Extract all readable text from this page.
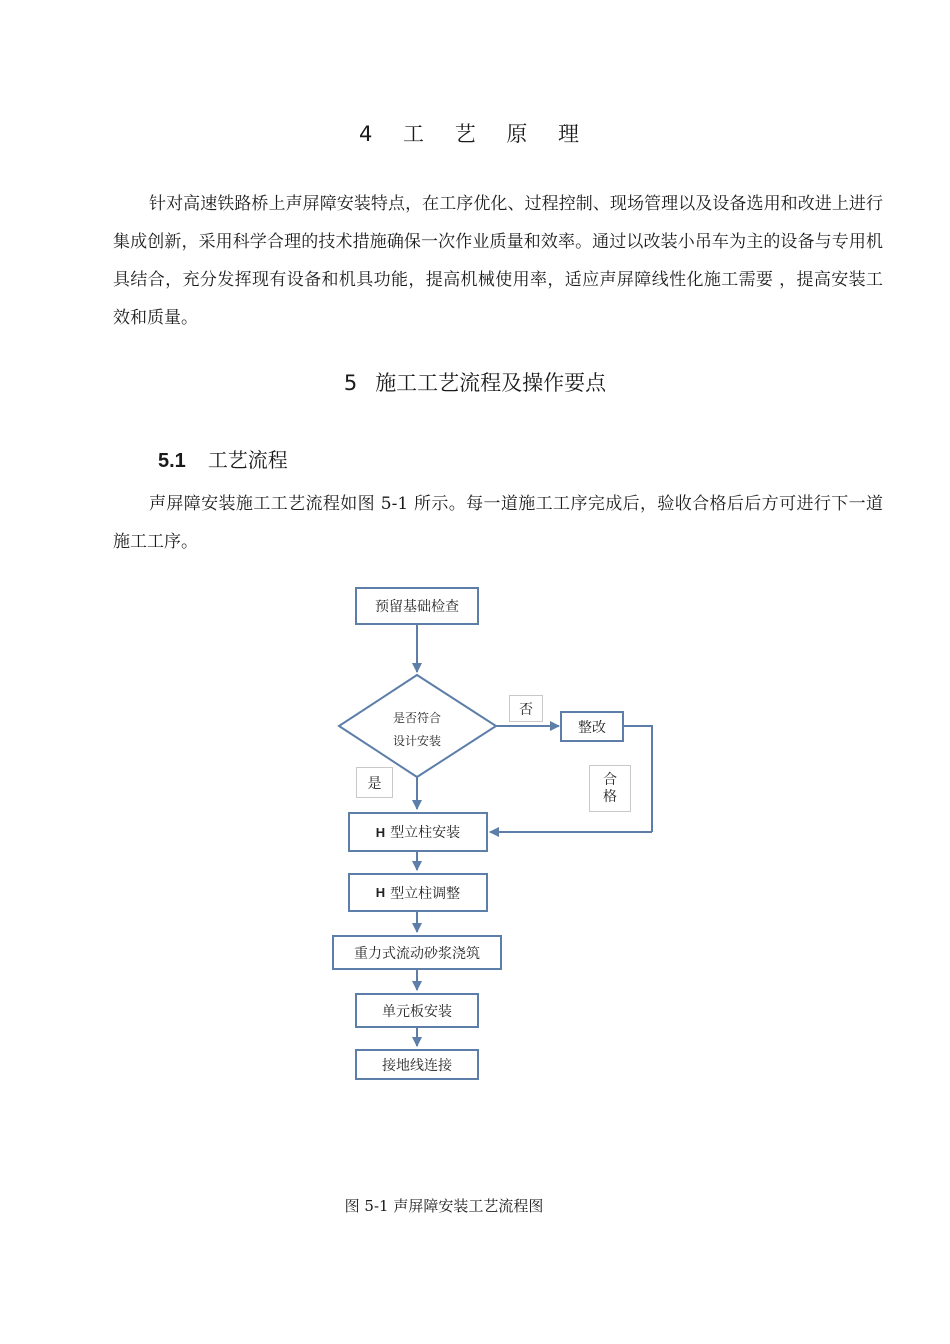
4 工 艺 原 理
针对高速铁路桥上声屏障安装特点，在工序优化、过程控制、现场管理以及设备选用和改进上进行集成创新，采用科学合理的技术措施确保一次作业质量和效率。通过以改装小吊车为主的设备与专用机具结合，充分发挥现有设备和机具功能，提高机械使用率，适应声屏障线性化施工需要 ，提高安装工效和质量。
5 施工工艺流程及操作要点
5.1 工艺流程
声屏障安装施工工艺流程如图 5-1 所示。每一道施工工序完成后，验收合格后后方可进行下一道施工工序。
预留基础检查
是否符合
设计安装
否
整改
是	合
格
H 型立柱安装
H 型立柱调整
重力式流动砂浆浇筑
单元板安装
接地线连接
图 5-1 声屏障安装工艺流程图
